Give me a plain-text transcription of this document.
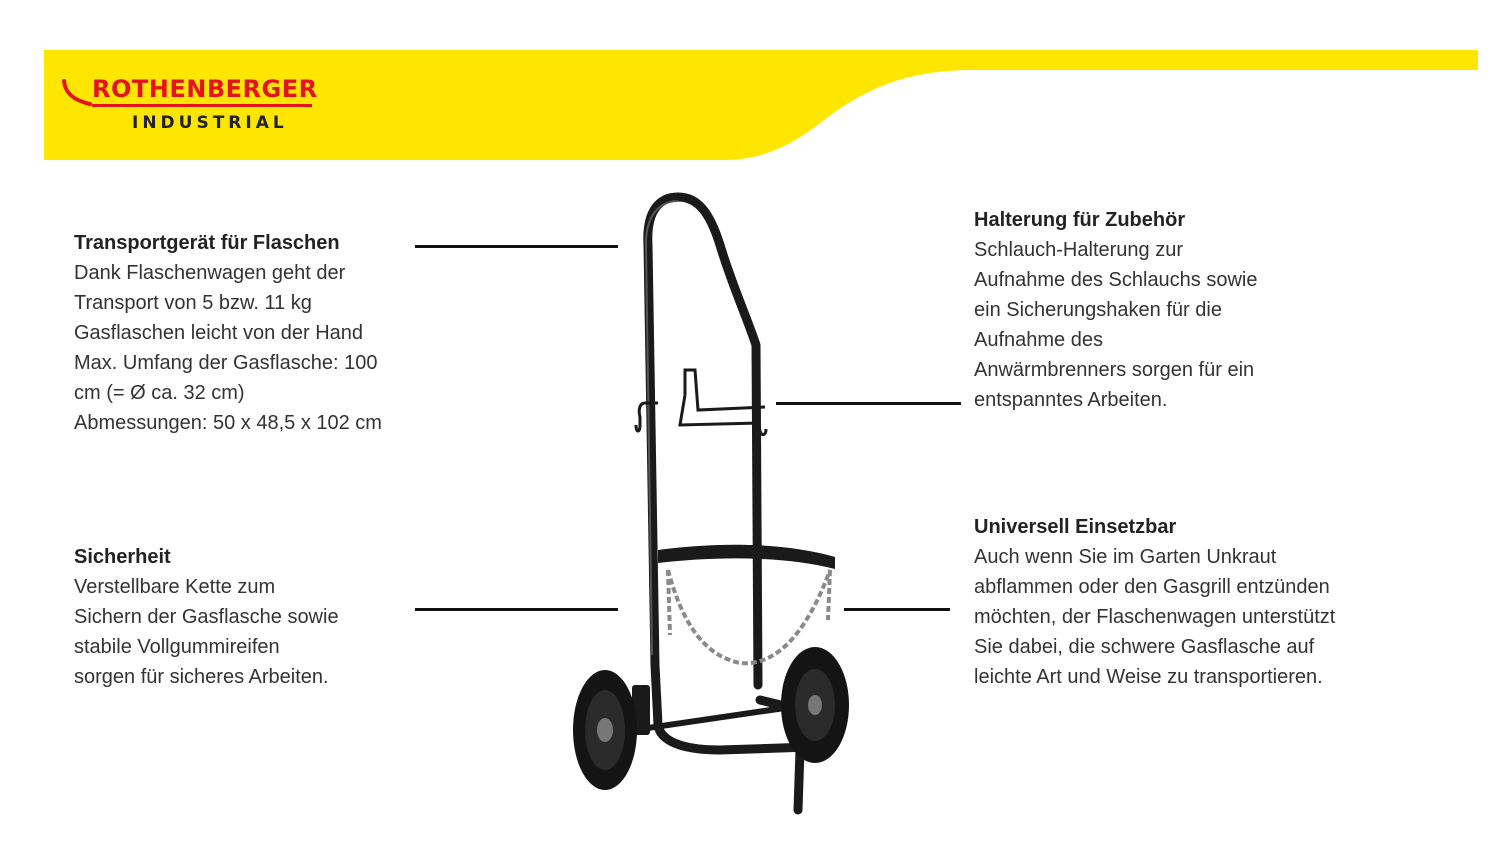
ROTHENBERGER
INDUSTRIAL
Transportgerät für Flaschen
Dank Flaschenwagen geht der
Transport von 5 bzw. 11 kg
Gasflaschen leicht von der Hand
Max. Umfang der Gasflasche: 100
cm (= Ø ca. 32 cm)
Abmessungen: 50 x 48,5 x 102 cm
Sicherheit
Verstellbare Kette zum
Sichern der Gasflasche sowie
stabile Vollgummireifen
sorgen für sicheres Arbeiten.
Halterung für Zubehör
Schlauch-Halterung zur
Aufnahme des Schlauchs sowie
ein Sicherungshaken für die
Aufnahme des
Anwärmbrenners sorgen für ein
entspanntes Arbeiten.
Universell Einsetzbar
Auch wenn Sie im Garten Unkraut
abflammen oder den Gasgrill entzünden
möchten, der Flaschenwagen unterstützt
Sie dabei, die schwere Gasflasche auf
leichte Art und Weise zu transportieren.
